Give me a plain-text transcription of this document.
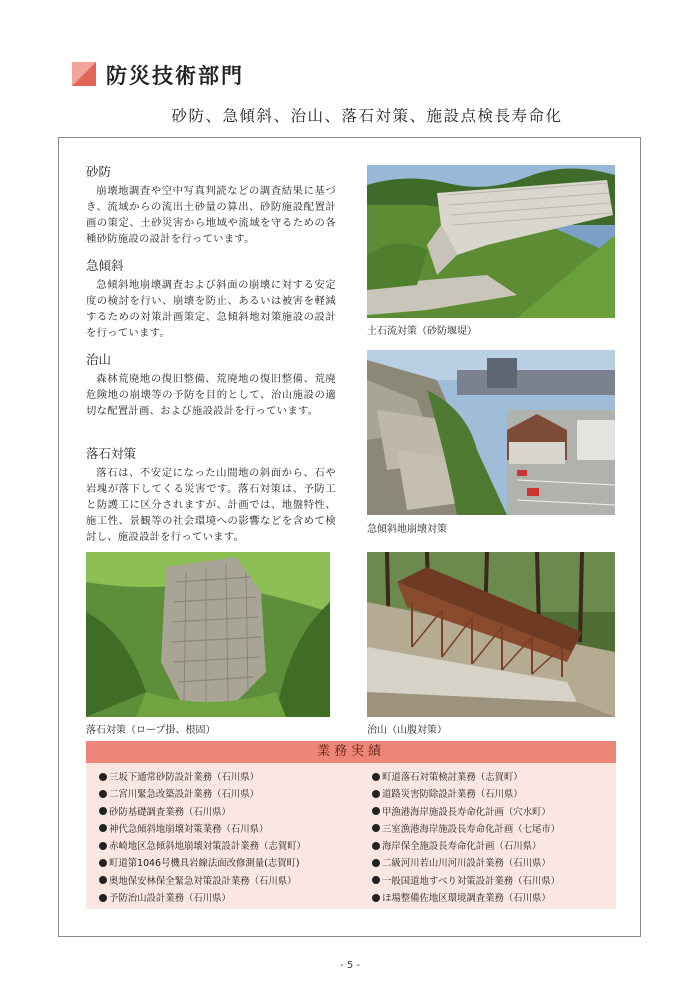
防災技術部門
砂防、急傾斜、治山、落石対策、施設点検長寿命化
砂防

崩壊地調査や空中写真判読などの調査結果に基づき、流域からの流出土砂量の算出、砂防施設配置計画の策定、土砂災害から地域や流域を守るための各種砂防施設の設計を行っています。

急傾斜

急傾斜地崩壊調査および斜面の崩壊に対する安定度の検討を行い、崩壊を防止、あるいは被害を軽減するための対策計画策定、急傾斜地対策施設の設計を行っています。

治山

森林荒廃地の復旧整備、荒廃地の復旧整備、荒廃危険地の崩壊等の予防を目的として、治山施設の適切な配置計画、および施設設計を行っています。

落石対策

落石は、不安定になった山間地の斜面から、石や岩塊が落下してくる災害です。落石対策は、予防工と防護工に区分されますが、計画では、地盤特性、施工性、景観等の社会環境への影響などを含めて検討し、施設設計を行っています。

土石流対策（砂防堰堤）
急傾斜地崩壊対策
落石対策（ロープ掛、根固）	治山（山腹対策）
業務実績
三坂下通常砂防設計業務（石川県）
二宮川緊急改築設計業務（石川県）
砂防基礎調査業務（石川県）
神代急傾斜地崩壊対策業務（石川県）
赤崎地区急傾斜地崩壊対策設計業務（志賀町）
町道第1046号機具岩線法面改修測量(志賀町)
奥地保安林保全緊急対策設計業務（石川県）
予防治山設計業務（石川県）
町道落石対策検討業務（志賀町）
道路災害防除設計業務（石川県）
甲漁港海岸施設長寿命化計画（穴水町）
三室漁港海岸施設長寿命化計画（七尾市）
海岸保全施設長寿命化計画（石川県）
二級河川若山川河川設計業務（石川県）
一般国道地すべり対策設計業務（石川県）
ほ場整備佐地区環境調査業務（石川県）
- 5 -
